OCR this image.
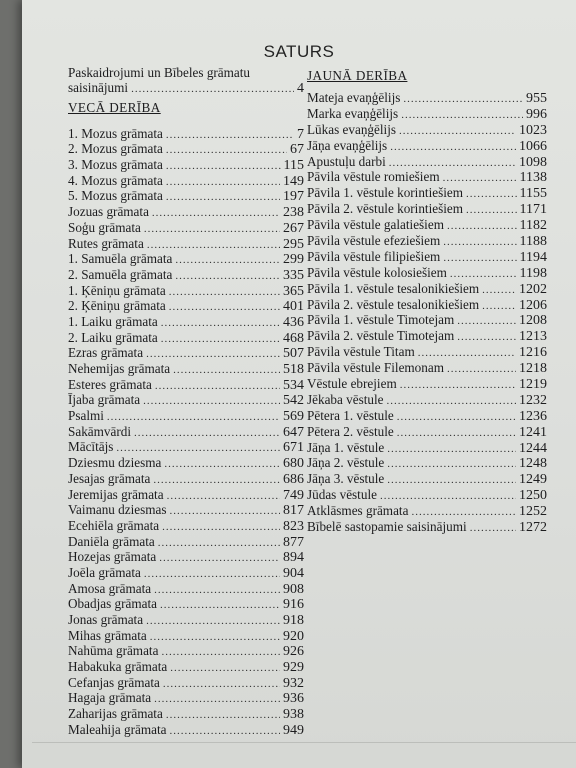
SATURS
Paskaidrojumi un Bībeles grāmatu
saisinājumi .....	4
VECĀ DERĪBA
1. Mozus grāmata .....	7
2. Mozus grāmata .....	67
3. Mozus grāmata .....	115
4. Mozus grāmata .....	149
5. Mozus grāmata .....	197
Jozuas grāmata .....	238
Soģu grāmata .....	267
Rutes grāmata .....	295
1. Samuēla grāmata .....	299
2. Samuēla grāmata .....	335
1. Ķēniņu grāmata .....	365
2. Ķēniņu grāmata .....	401
1. Laiku grāmata .....	436
2. Laiku grāmata .....	468
Ezras grāmata .....	507
Nehemijas grāmata .....	518
Esteres grāmata .....	534
Ījaba grāmata .....	542
Psalmi .....	569
Sakāmvārdi .....	647
Mācītājs .....	671
Dziesmu dziesma .....	680
Jesajas grāmata .....	686
Jeremijas grāmata .....	749
Vaimanu dziesmas .....	817
Ecehiēla grāmata .....	823
Daniēla grāmata .....	877
Hozejas grāmata .....	894
Joēla grāmata .....	904
Amosa grāmata .....	908
Obadjas grāmata .....	916
Jonas grāmata .....	918
Mihas grāmata .....	920
Nahūma grāmata .....	926
Habakuka grāmata .....	929
Cefanjas grāmata .....	932
Hagaja grāmata .....	936
Zaharijas grāmata .....	938
Maleahija grāmata .....	949
JAUNĀ DERĪBA
Mateja evaņģēlijs .....	955
Marka evaņģēlijs .....	996
Lūkas evaņģēlijs .....	1023
Jāņa evaņģēlijs .....	1066
Apustuļu darbi .....	1098
Pāvila vēstule romiešiem .....	1138
Pāvila 1. vēstule korintiešiem .....	1155
Pāvila 2. vēstule korintiešiem .....	1171
Pāvila vēstule galatiešiem .....	1182
Pāvila vēstule efeziešiem .....	1188
Pāvila vēstule filipiešiem .....	1194
Pāvila vēstule kolosiešiem .....	1198
Pāvila 1. vēstule tesalonikiešiem .....	1202
Pāvila 2. vēstule tesalonikiešiem .....	1206
Pāvila 1. vēstule Timotejam .....	1208
Pāvila 2. vēstule Timotejam .....	1213
Pāvila vēstule Titam .....	1216
Pāvila vēstule Filemonam .....	1218
Vēstule ebrejiem .....	1219
Jēkaba vēstule .....	1232
Pētera 1. vēstule .....	1236
Pētera 2. vēstule .....	1241
Jāņa 1. vēstule .....	1244
Jāņa 2. vēstule .....	1248
Jāņa 3. vēstule .....	1249
Jūdas vēstule .....	1250
Atklāsmes grāmata .....	1252
Bībelē sastopamie saisinājumi .....	1272
